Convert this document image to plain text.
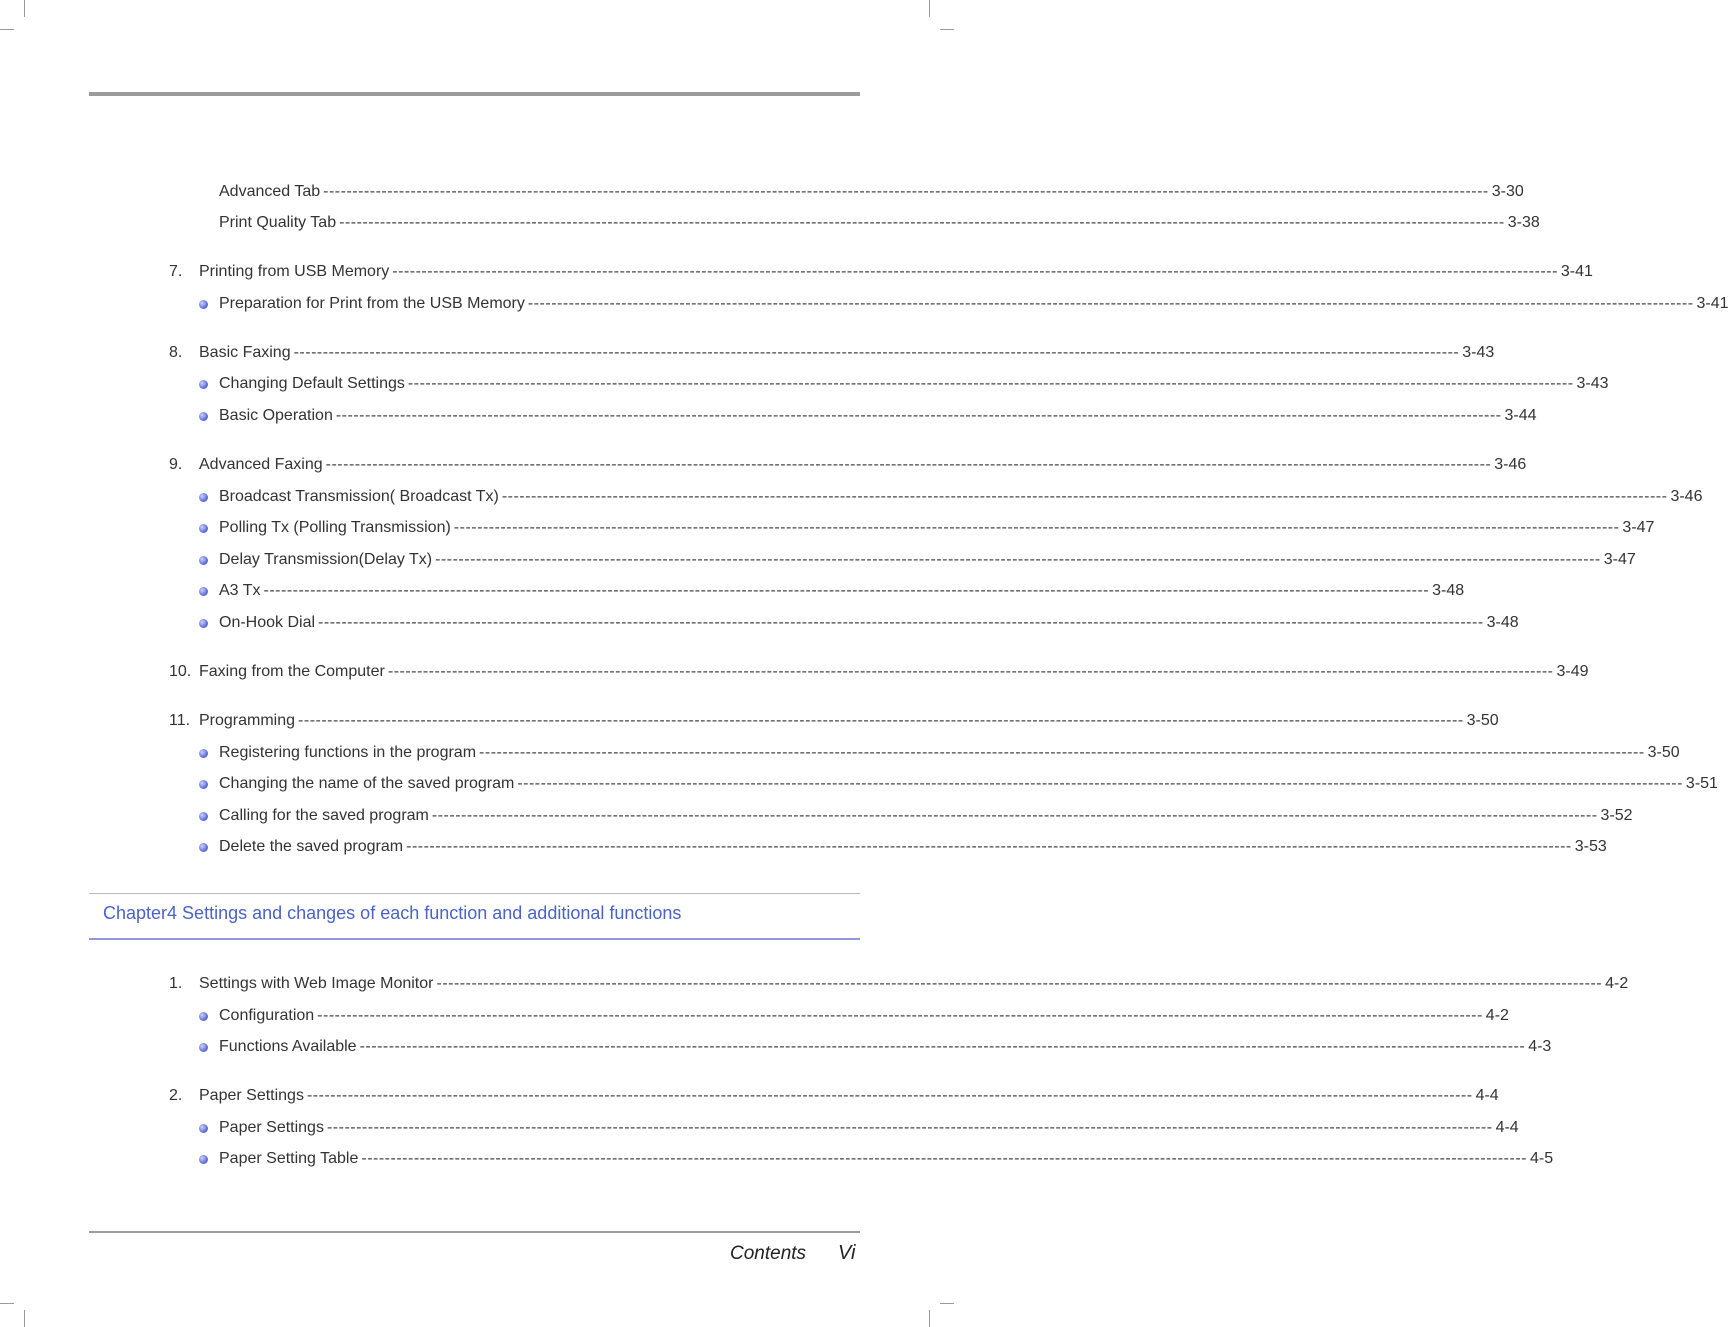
Advanced Tab -------------------------------------------------------------------------------------------------------------------------------------------------------------------------------------------------------- 3-30
Print Quality Tab -------------------------------------------------------------------------------------------------------------------------------------------------------------------------------------------------------- 3-38
7.	Printing from USB Memory -------------------------------------------------------------------------------------------------------------------------------------------------------------------------------------------------------- 3-41
Preparation for Print from the USB Memory -------------------------------------------------------------------------------------------------------------------------------------------------------------------------------------------------------- 3-41
8.	Basic Faxing -------------------------------------------------------------------------------------------------------------------------------------------------------------------------------------------------------- 3-43
Changing Default Settings -------------------------------------------------------------------------------------------------------------------------------------------------------------------------------------------------------- 3-43
Basic Operation -------------------------------------------------------------------------------------------------------------------------------------------------------------------------------------------------------- 3-44
9.	Advanced Faxing -------------------------------------------------------------------------------------------------------------------------------------------------------------------------------------------------------- 3-46
Broadcast Transmission( Broadcast Tx) -------------------------------------------------------------------------------------------------------------------------------------------------------------------------------------------------------- 3-46
Polling Tx (Polling Transmission) -------------------------------------------------------------------------------------------------------------------------------------------------------------------------------------------------------- 3-47
Delay Transmission(Delay Tx) -------------------------------------------------------------------------------------------------------------------------------------------------------------------------------------------------------- 3-47
A3 Tx -------------------------------------------------------------------------------------------------------------------------------------------------------------------------------------------------------- 3-48
On-Hook Dial -------------------------------------------------------------------------------------------------------------------------------------------------------------------------------------------------------- 3-48
10. Faxing from the Computer -------------------------------------------------------------------------------------------------------------------------------------------------------------------------------------------------------- 3-49
11. Programming -------------------------------------------------------------------------------------------------------------------------------------------------------------------------------------------------------- 3-50
Registering functions in the program -------------------------------------------------------------------------------------------------------------------------------------------------------------------------------------------------------- 3-50
Changing the name of the saved program -------------------------------------------------------------------------------------------------------------------------------------------------------------------------------------------------------- 3-51
Calling for the saved program -------------------------------------------------------------------------------------------------------------------------------------------------------------------------------------------------------- 3-52
Delete the saved program -------------------------------------------------------------------------------------------------------------------------------------------------------------------------------------------------------- 3-53
1.	Settings with Web Image Monitor -------------------------------------------------------------------------------------------------------------------------------------------------------------------------------------------------------- 4-2
Configuration -------------------------------------------------------------------------------------------------------------------------------------------------------------------------------------------------------- 4-2
Functions Available -------------------------------------------------------------------------------------------------------------------------------------------------------------------------------------------------------- 4-3
2.	Paper Settings -------------------------------------------------------------------------------------------------------------------------------------------------------------------------------------------------------- 4-4
Paper Settings -------------------------------------------------------------------------------------------------------------------------------------------------------------------------------------------------------- 4-4
Paper Setting Table -------------------------------------------------------------------------------------------------------------------------------------------------------------------------------------------------------- 4-5
Chapter4 Settings and changes of each function and additional functions
Contents Vi
